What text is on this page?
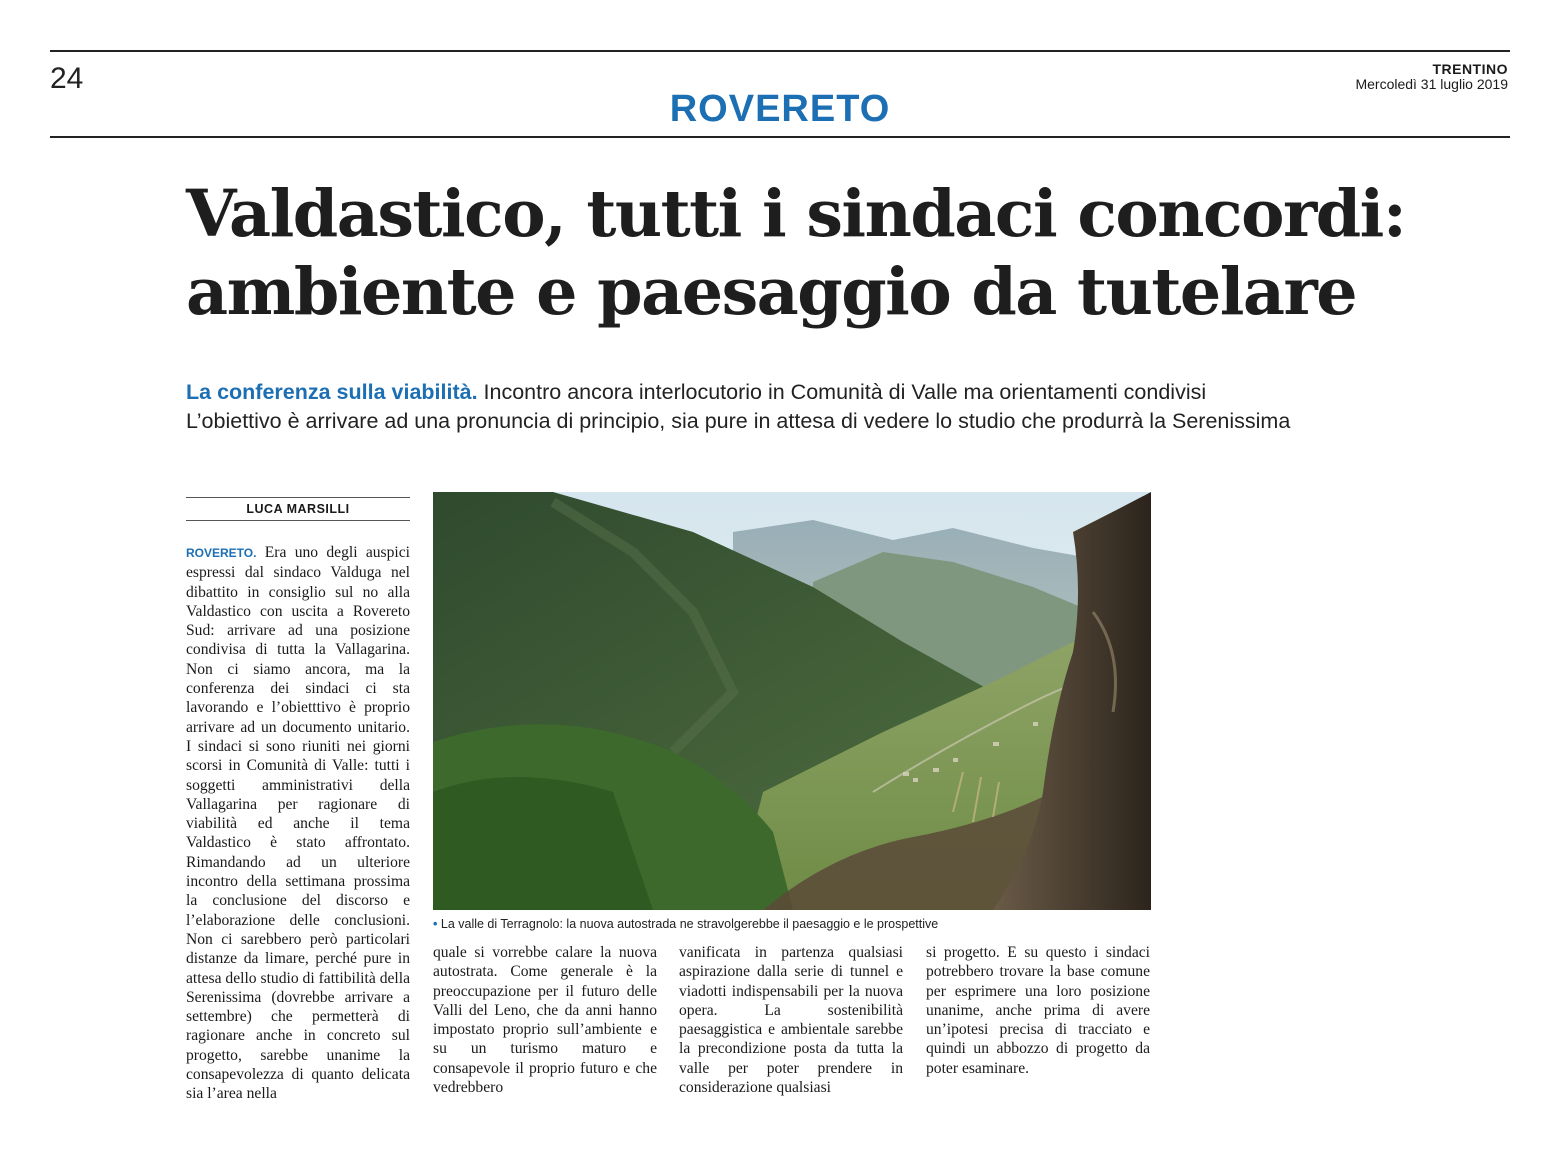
24	TRENTINO
Mercoledì 31 luglio 2019
ROVERETO
Valdastico, tutti i sindaci concordi:
ambiente e paesaggio da tutelare
La conferenza sulla viabilità. Incontro ancora interlocutorio in Comunità di Valle ma orientamenti condivisi
L’obiettivo è arrivare ad una pronuncia di principio, sia pure in attesa di vedere lo studio che produrrà la Serenissima
LUCA MARSILLI
ROVERETO. Era uno degli auspici espressi dal sindaco Valduga nel dibattito in consiglio sul no alla Valdastico con uscita a Rovereto Sud: arrivare ad una posizione condivisa di tutta la Vallagarina. Non ci siamo ancora, ma la conferenza dei sindaci ci sta lavorando e l’obietttivo è proprio arrivare ad un documento unitario. I sindaci si sono riuniti nei giorni scorsi in Comunità di Valle: tutti i soggetti amministrativi della Vallagarina per ragionare di viabilità ed anche il tema Valdastico è stato affrontato. Rimandando ad un ulteriore incontro della settimana prossima la conclusione del discorso e l’elaborazione delle conclusioni. Non ci sarebbero però particolari distanze da limare, perché pure in attesa dello studio di fattibilità della Serenissima (dovrebbe arrivare a settembre) che permetterà di ragionare anche in concreto sul progetto, sarebbe unanime la consapevolezza di quanto delicata sia l’area nella
• La valle di Terragnolo: la nuova autostrada ne stravolgerebbe il paesaggio e le prospettive
quale si vorrebbe calare la nuova autostrata. Come generale è la preoccupazione per il futuro delle Valli del Leno, che da anni hanno impostato proprio sull’ambiente e su un turismo maturo e consapevole il proprio futuro e che vedrebbero
vanificata in partenza qualsiasi aspirazione dalla serie di tunnel e viadotti indispensabili per la nuova opera. La sostenibilità paesaggistica e ambientale sarebbe la precondizione posta da tutta la valle per poter prendere in considerazione qualsiasi
si progetto. E su questo i sindaci potrebbero trovare la base comune per esprimere una loro posizione unanime, anche prima di avere un’ipotesi precisa di tracciato e quindi un abbozzo di progetto da poter esaminare.
